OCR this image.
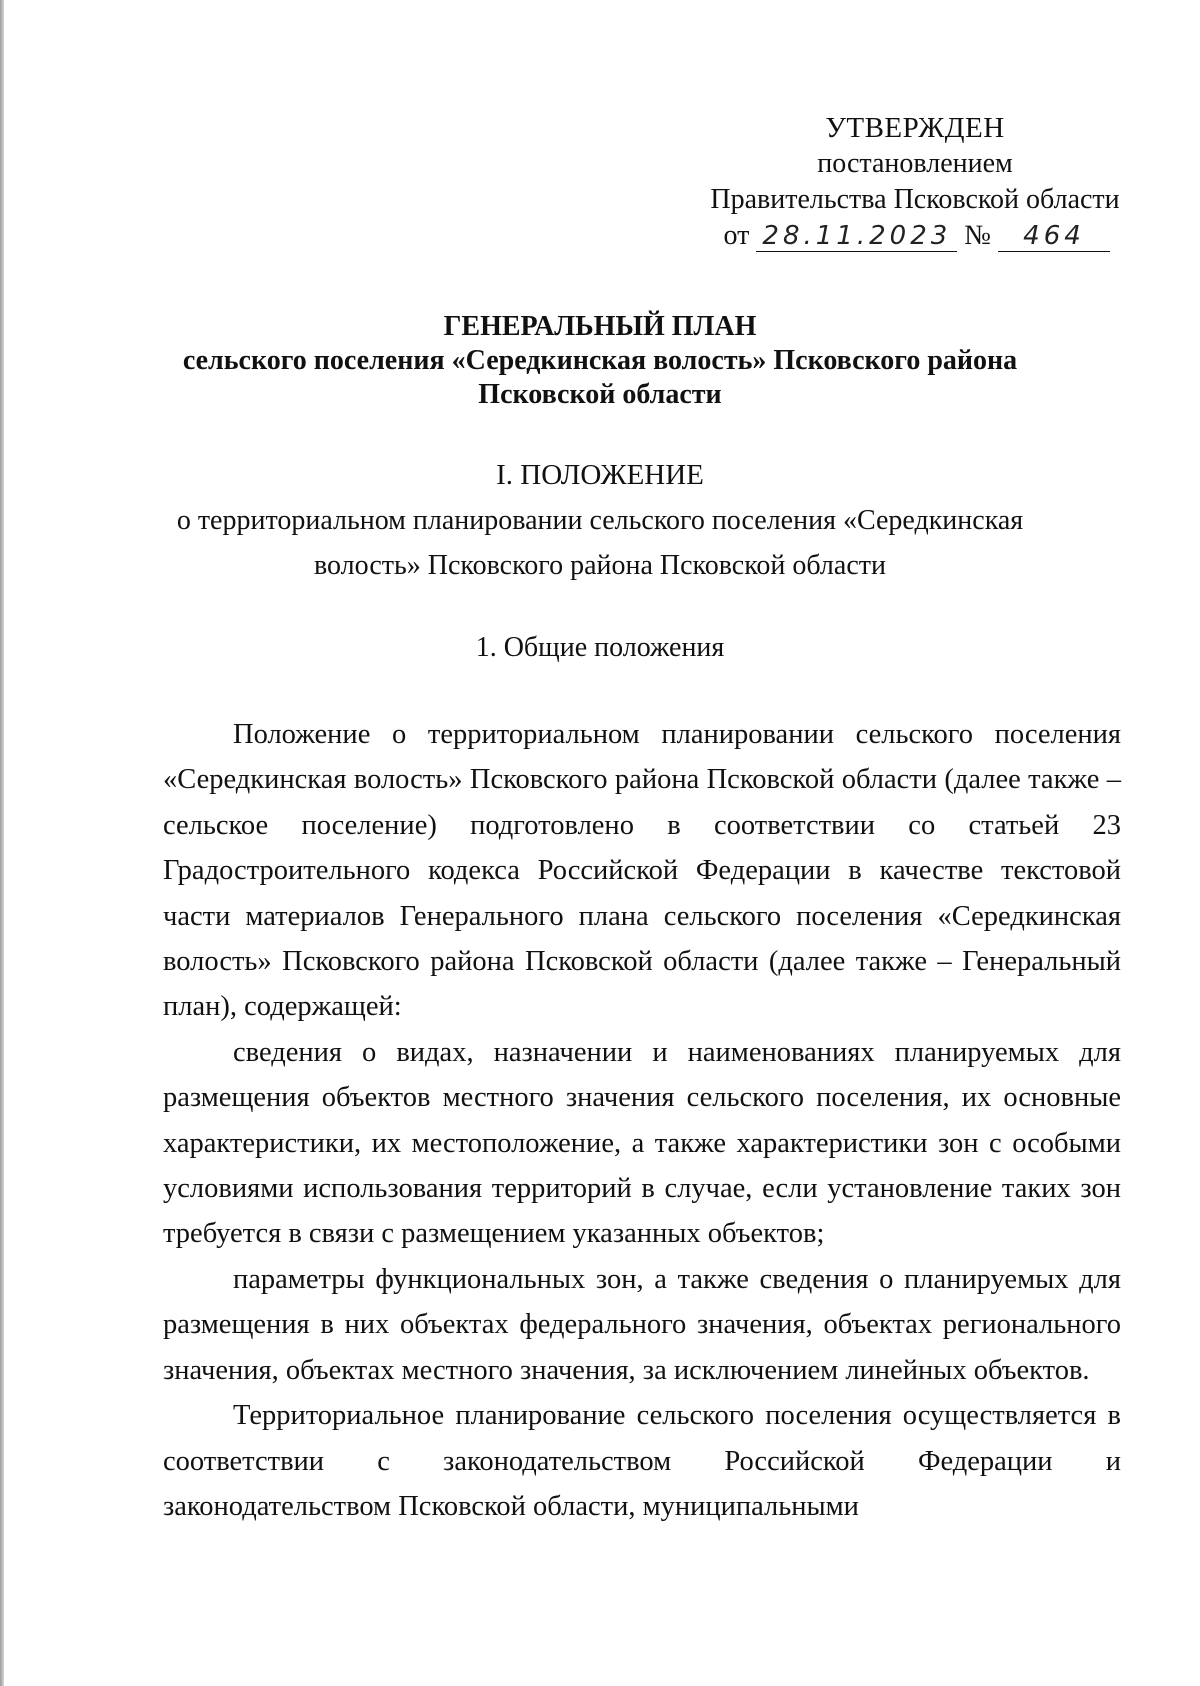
УТВЕРЖДЕН
постановлением
Правительства Псковской области
от 28.11.2023 № 464
ГЕНЕРАЛЬНЫЙ ПЛАН
сельского поселения «Середкинская волость» Псковского района
Псковской области
I. ПОЛОЖЕНИЕ
о территориальном планировании сельского поселения «Середкинская
волость» Псковского района Псковской области
1. Общие положения

Положение о территориальном планировании сельского поселения «Середкинская волость» Псковского района Псковской области (далее также – сельское поселение) подготовлено в соответствии со статьей 23 Градостроительного кодекса Российской Федерации в качестве текстовой части материалов Генерального плана сельского поселения «Середкинская волость» Псковского района Псковской области (далее также – Генеральный план), содержащей:

сведения о видах, назначении и наименованиях планируемых для размещения объектов местного значения сельского поселения, их основные характеристики, их местоположение, а также характеристики зон с особыми условиями использования территорий в случае, если установление таких зон требуется в связи с размещением указанных объектов;

параметры функциональных зон, а также сведения о планируемых для размещения в них объектах федерального значения, объектах регионального значения, объектах местного значения, за исключением линейных объектов.

Территориальное планирование сельского поселения осуществляется в соответствии с законодательством Российской Федерации и законодательством Псковской области, муниципальными
